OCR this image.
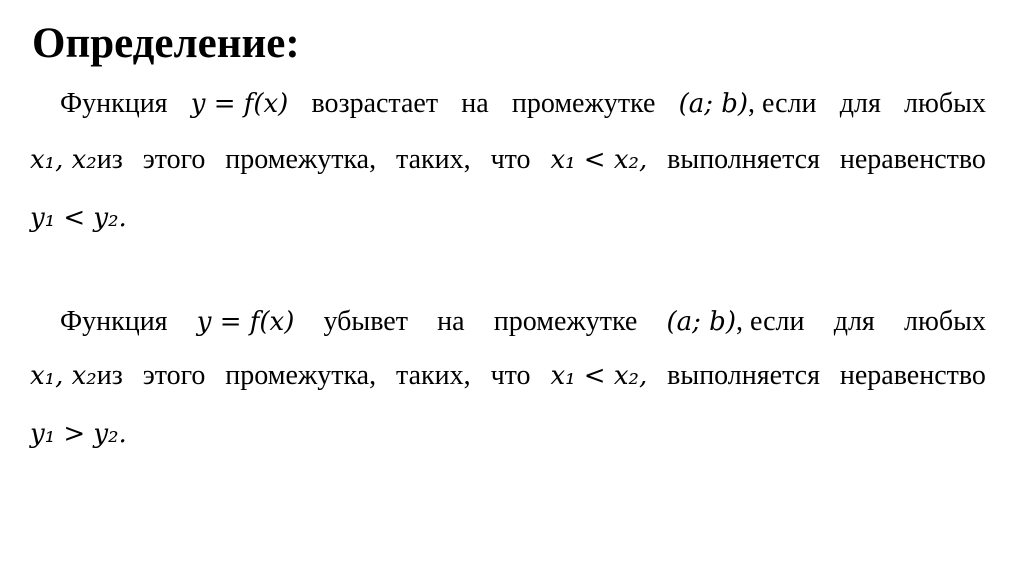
Определение:
Функция y = f(x) возрастает на промежутке (a; b), если для любых
x₁, x₂из этого промежутка, таких, что x₁ < x₂, выполняется неравенство
y₁ < y₂.
Функция y = f(x) убывет на промежутке (a; b), если для любых
x₁, x₂из этого промежутка, таких, что x₁ < x₂, выполняется неравенство
y₁ > y₂.
